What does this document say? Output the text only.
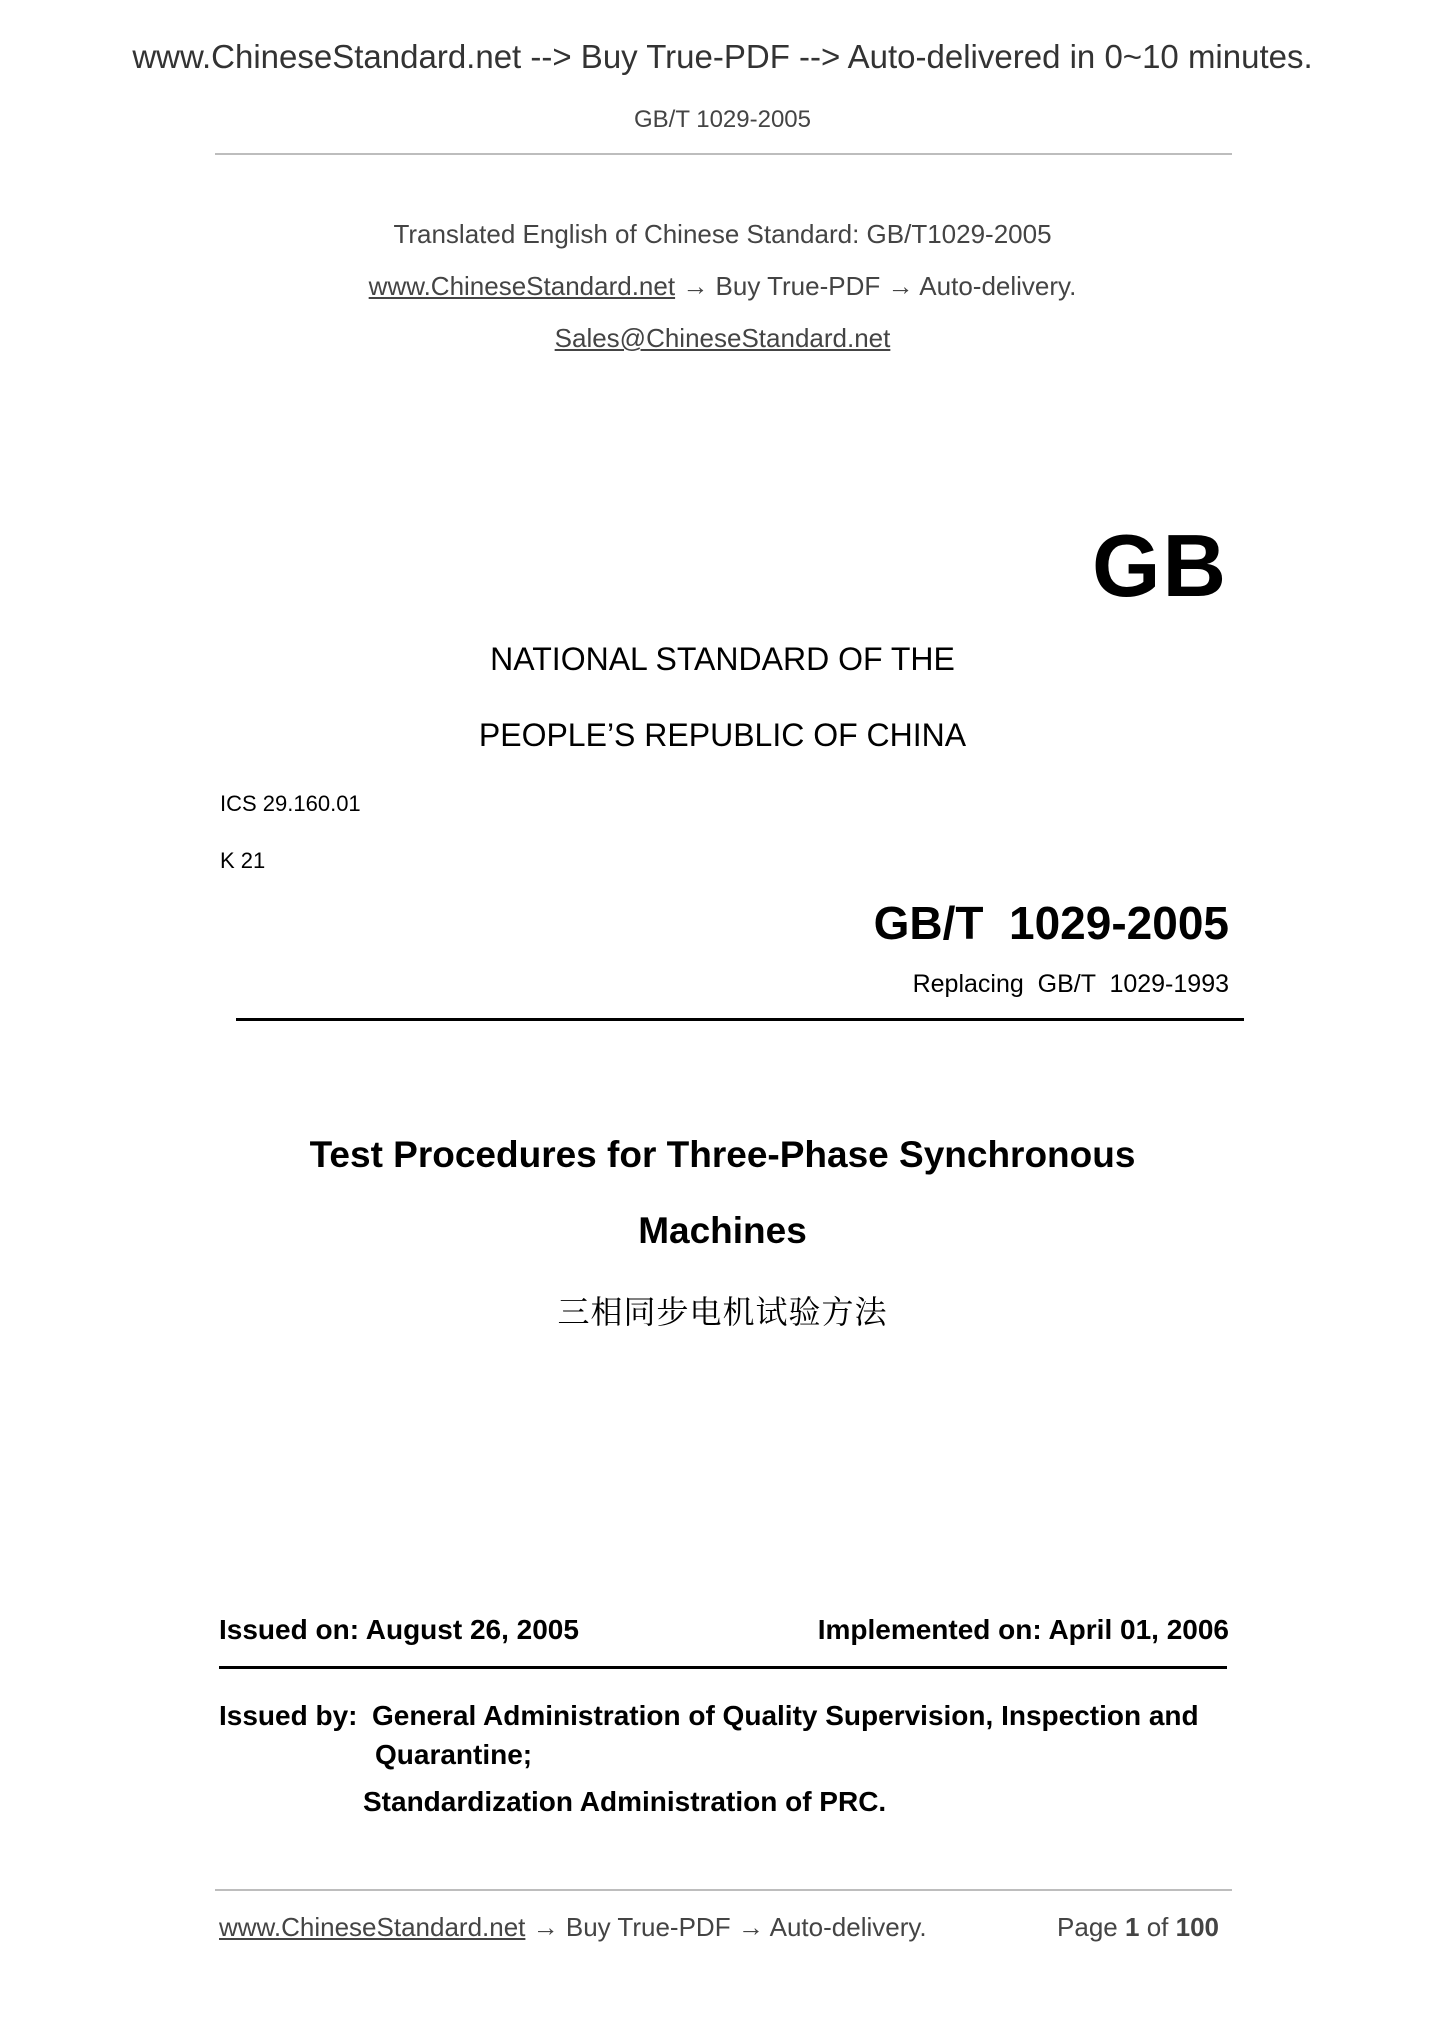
www.ChineseStandard.net --> Buy True-PDF --> Auto-delivered in 0~10 minutes.
GB/T 1029-2005
Translated English of Chinese Standard: GB/T1029-2005
www.ChineseStandard.net → Buy True-PDF → Auto-delivery.
Sales@ChineseStandard.net
GB
NATIONAL STANDARD OF THE
PEOPLE’S REPUBLIC OF CHINA
ICS 29.160.01
K 21
GB/T  1029-2005
Replacing  GB/T  1029-1993
Test Procedures for Three-Phase Synchronous
Machines
三相同步电机试验方法
Issued on: August 26, 2005	Implemented on: April 01, 2006
Issued by: General Administration of Quality Supervision, Inspection and
Quarantine;
Standardization Administration of PRC.
www.ChineseStandard.net → Buy True-PDF → Auto-delivery.	Page 1 of 100
